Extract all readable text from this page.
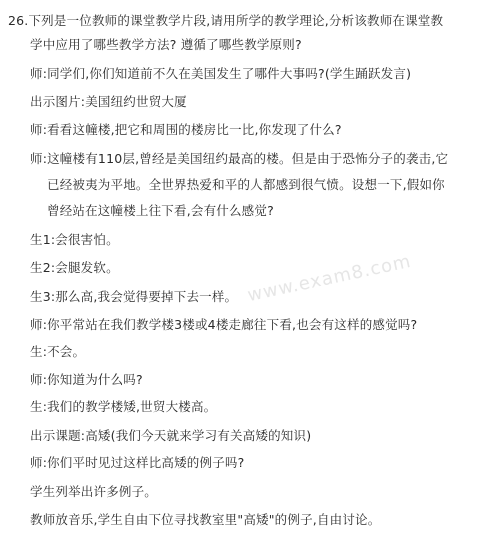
26.下列是一位教师的课堂教学片段,请用所学的教学理论,分析该教师在课堂教
学中应用了哪些教学方法? 遵循了哪些教学原则?
师:同学们,你们知道前不久在美国发生了哪件大事吗?(学生踊跃发言)
出示图片:美国纽约世贸大厦
师:看看这幢楼,把它和周围的楼房比一比,你发现了什么?
师:这幢楼有110层,曾经是美国纽约最高的楼。但是由于恐怖分子的袭击,它
已经被夷为平地。全世界热爱和平的人都感到很气愤。设想一下,假如你
曾经站在这幢楼上往下看,会有什么感觉?
生1:会很害怕。
生2:会腿发软。
生3:那么高,我会觉得要掉下去一样。
师:你平常站在我们教学楼3楼或4楼走廊往下看,也会有这样的感觉吗?
生:不会。
师:你知道为什么吗?
生:我们的教学楼矮,世贸大楼高。
出示课题:高矮(我们今天就来学习有关高矮的知识)
师:你们平时见过这样比高矮的例子吗?
学生列举出许多例子。
教师放音乐,学生自由下位寻找教室里"高矮"的例子,自由讨论。
www.exam8.com
